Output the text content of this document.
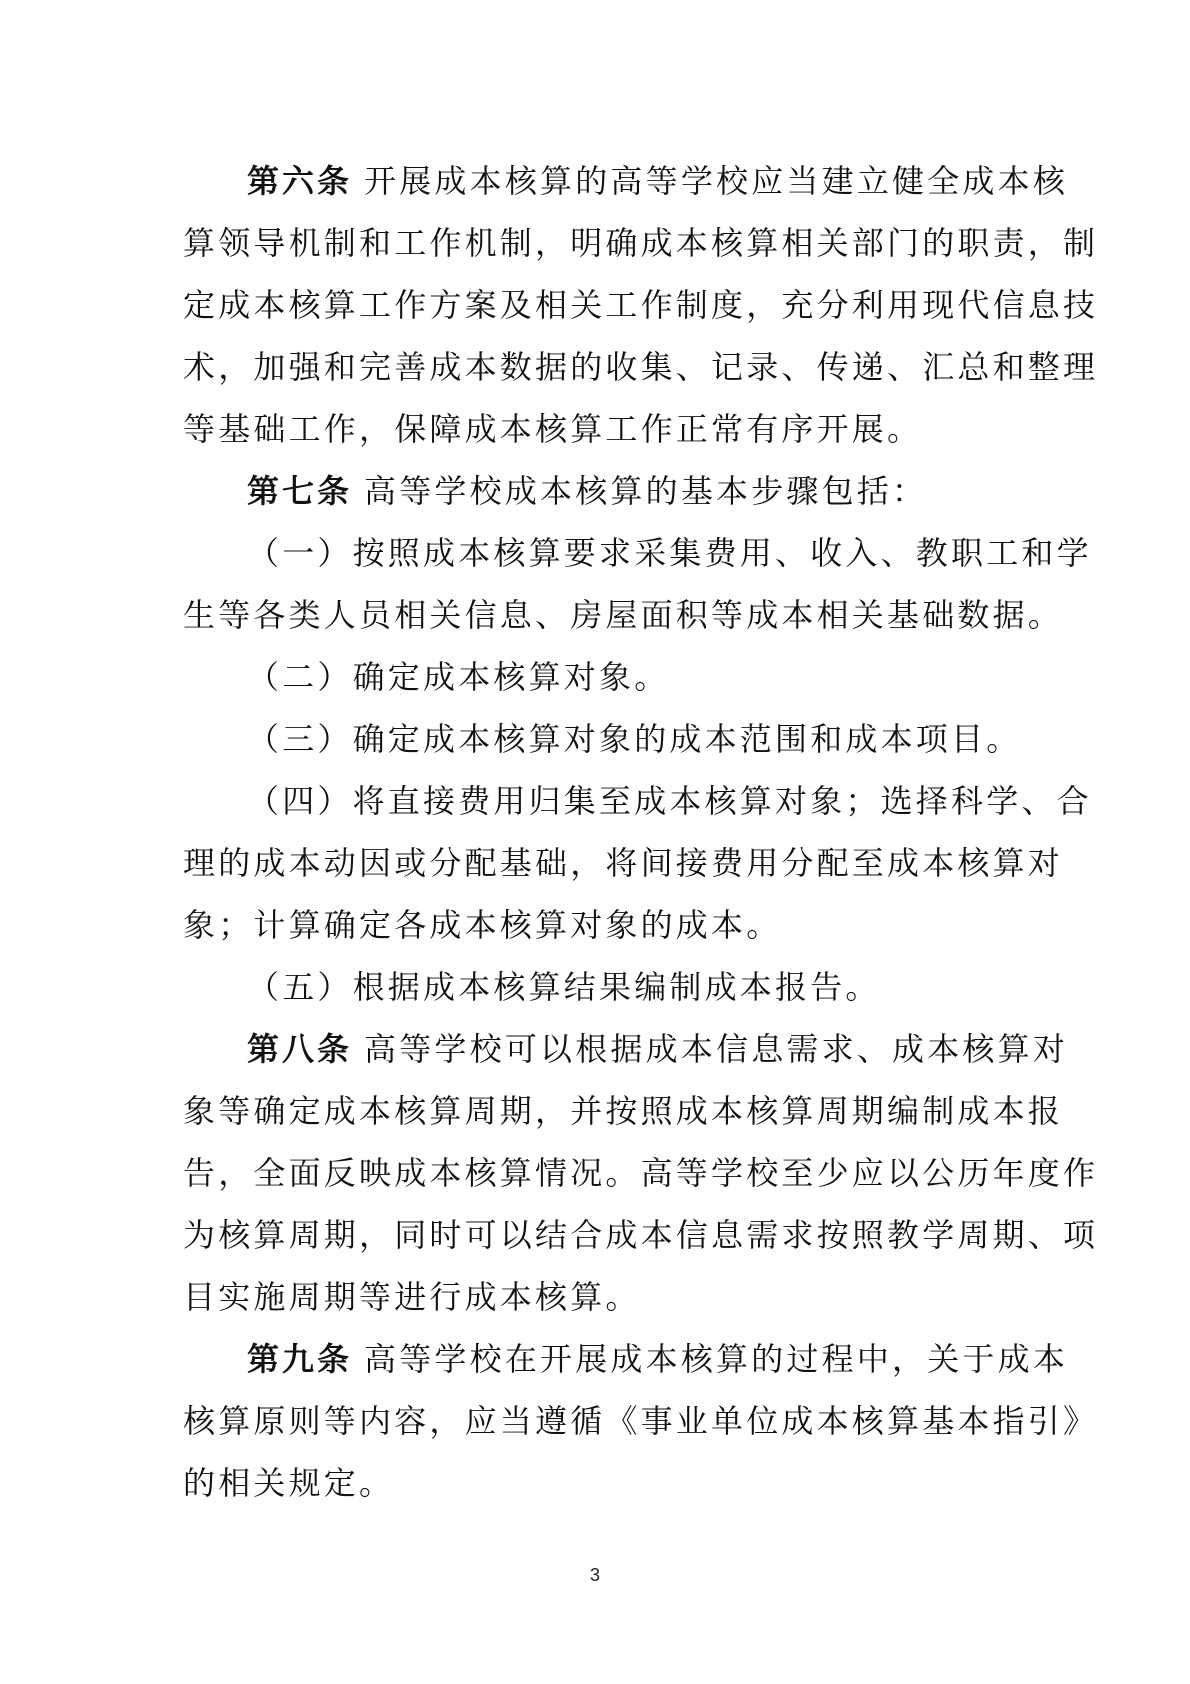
第六条 开展成本核算的高等学校应当建立健全成本核
算领导机制和工作机制，明确成本核算相关部门的职责，制
定成本核算工作方案及相关工作制度，充分利用现代信息技
术，加强和完善成本数据的收集、记录、传递、汇总和整理
等基础工作，保障成本核算工作正常有序开展。
第七条 高等学校成本核算的基本步骤包括：
（一）按照成本核算要求采集费用、收入、教职工和学
生等各类人员相关信息、房屋面积等成本相关基础数据。
（二）确定成本核算对象。
（三）确定成本核算对象的成本范围和成本项目。
（四）将直接费用归集至成本核算对象；选择科学、合
理的成本动因或分配基础，将间接费用分配至成本核算对
象；计算确定各成本核算对象的成本。
（五）根据成本核算结果编制成本报告。
第八条 高等学校可以根据成本信息需求、成本核算对
象等确定成本核算周期，并按照成本核算周期编制成本报
告，全面反映成本核算情况。高等学校至少应以公历年度作
为核算周期，同时可以结合成本信息需求按照教学周期、项
目实施周期等进行成本核算。
第九条 高等学校在开展成本核算的过程中，关于成本
核算原则等内容，应当遵循《事业单位成本核算基本指引》
的相关规定。
3
